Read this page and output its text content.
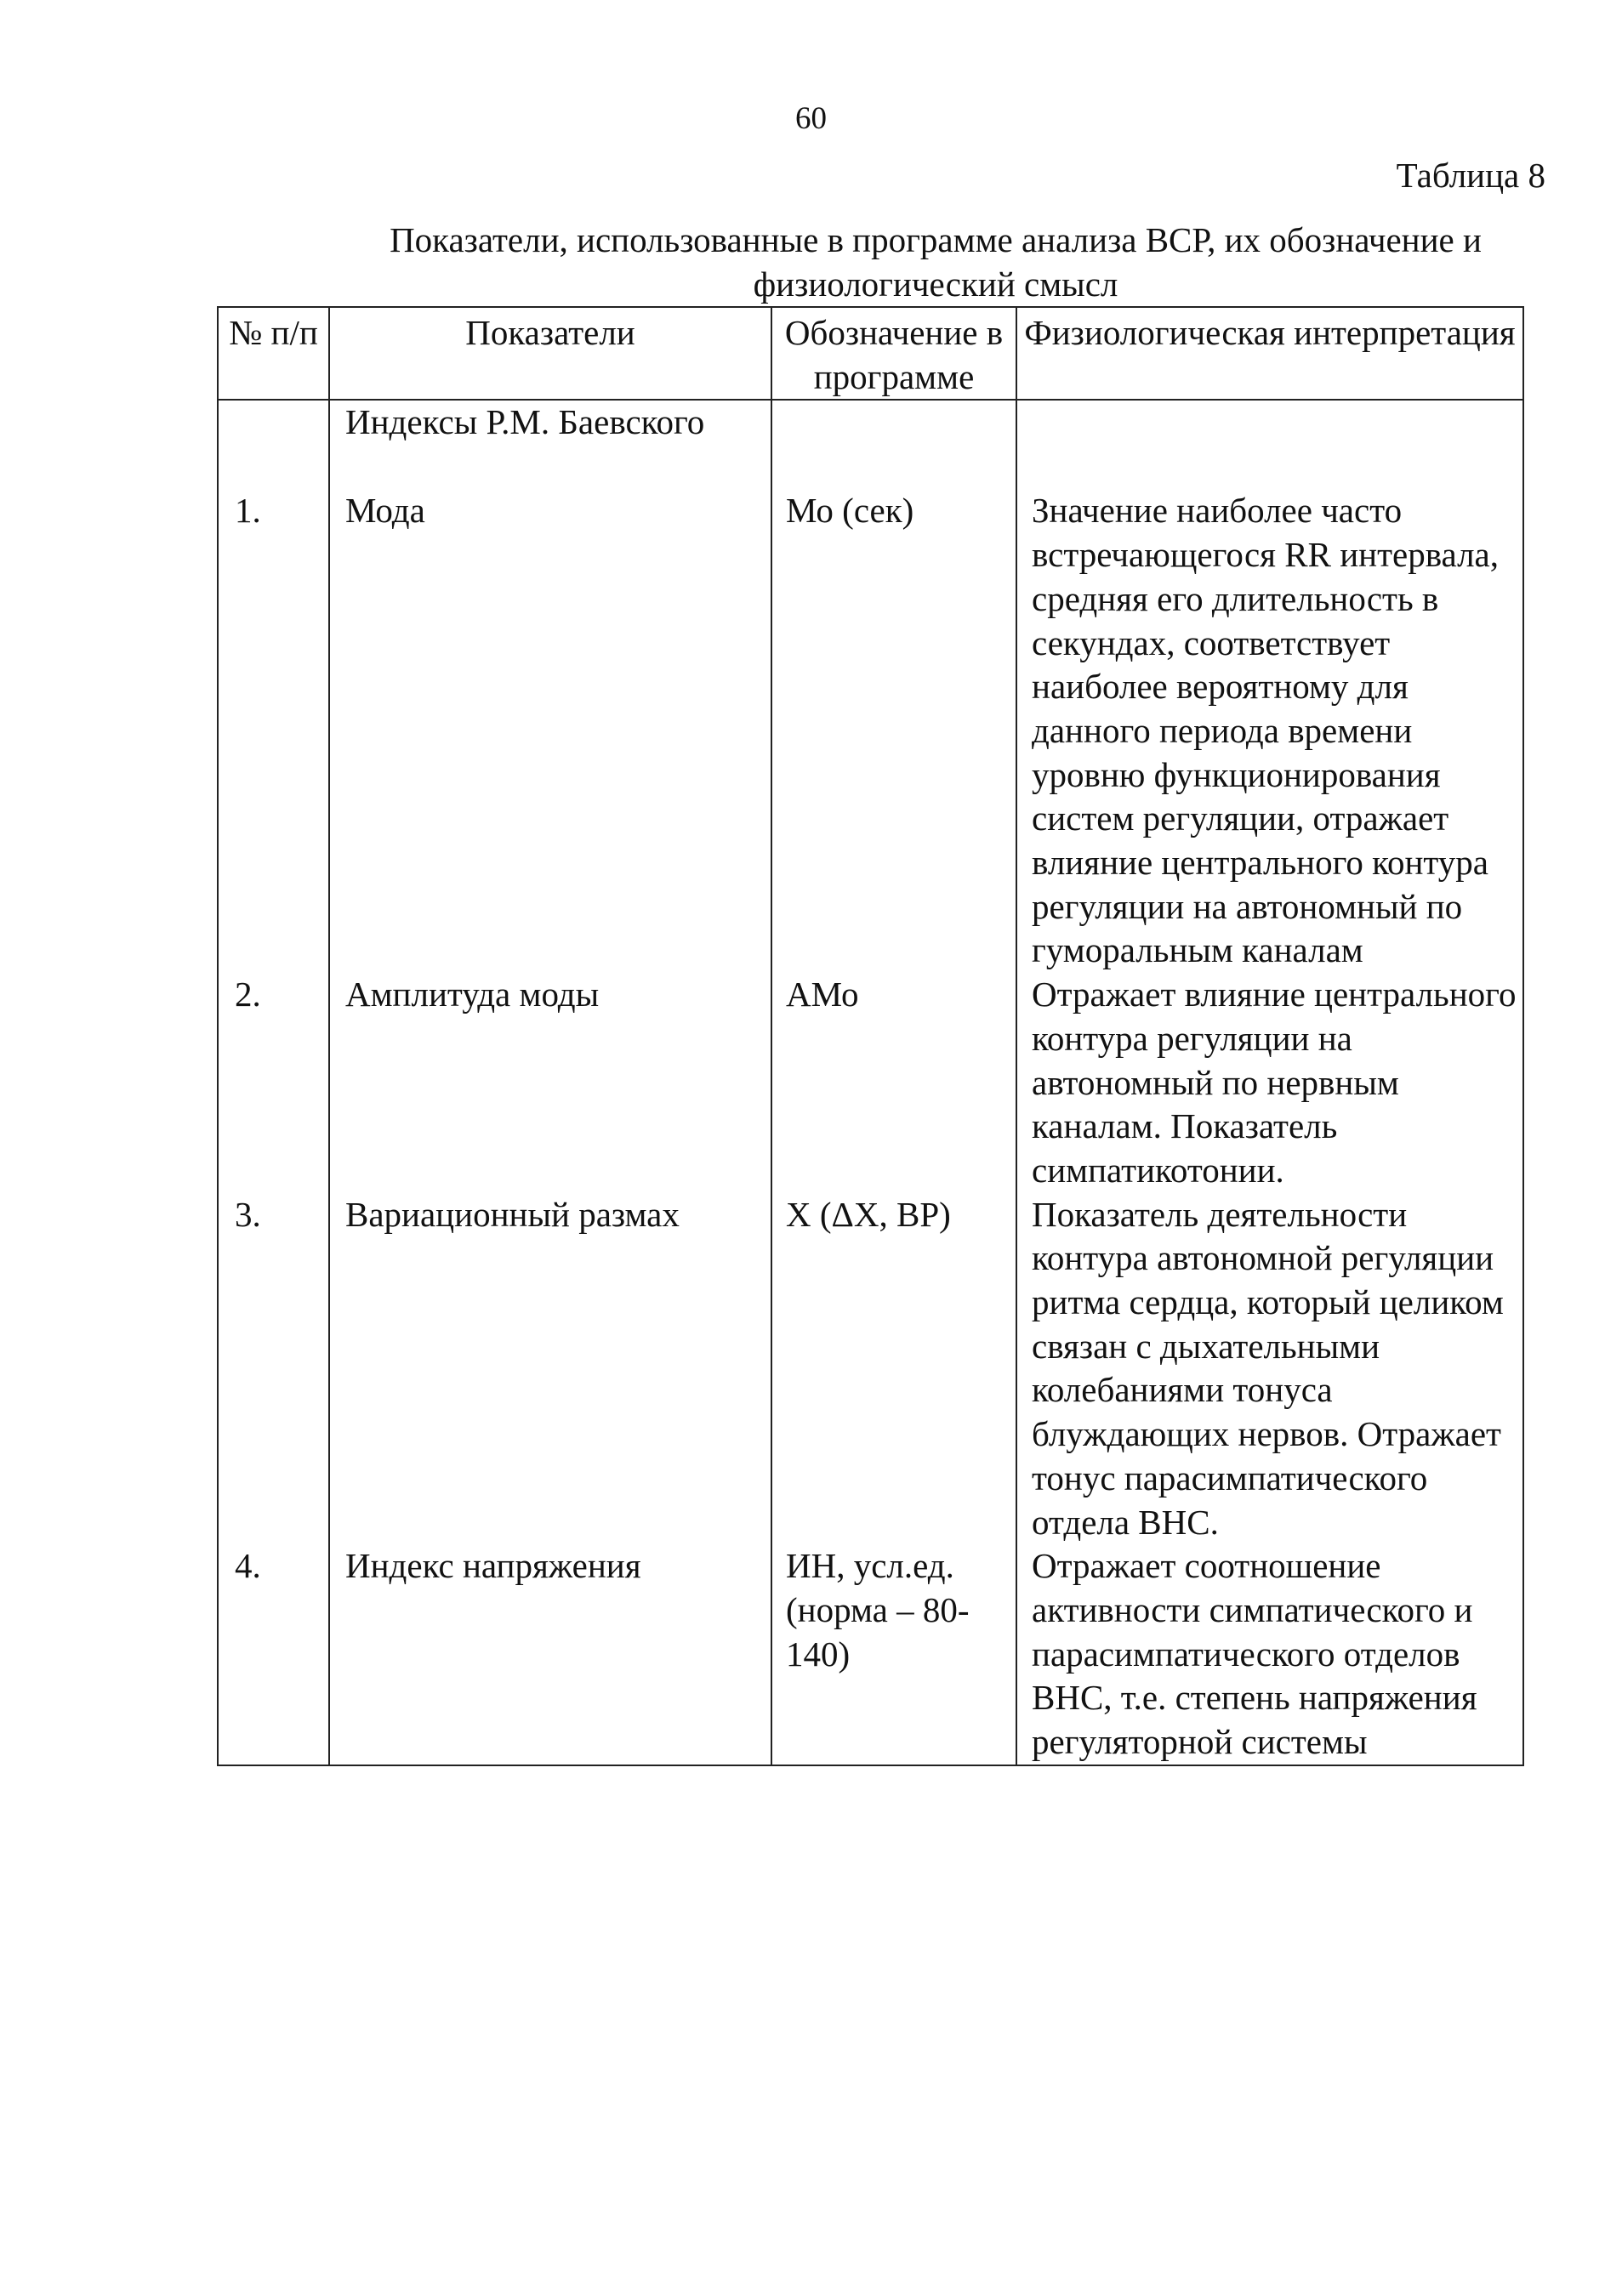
60
Таблица 8
Показатели, использованные в программе анализа ВСР, их обозначение и физиологический смысл
№ п/п	Показатели	Обозначение в программе	Физиологическая интерпретация
	Индексы Р.М. Баевского		
1.	Мода	Мо (сек)	Значение наиболее часто встречающегося RR интервала, средняя его длительность в секундах, соответствует наиболее вероятному для данного периода времени уровню функционирования систем регуляции, отражает влияние центрального контура регуляции на автономный по гуморальным каналам
2.	Амплитуда моды	АМо	Отражает влияние центрального контура регуляции на автономный по нервным каналам. Показатель симпатикотонии.
3.	Вариационный размах	Х (ΔХ, ВР)	Показатель деятельности контура автономной регуляции ритма сердца, который целиком связан с дыхательными колебаниями тонуса блуждающих нервов. Отражает тонус парасимпатического отдела ВНС.
4.	Индекс напряжения	ИН, усл.ед. (норма – 80-140)	Отражает соотношение активности симпатического и парасимпатического отделов ВНС, т.е. степень напряжения регуляторной системы
